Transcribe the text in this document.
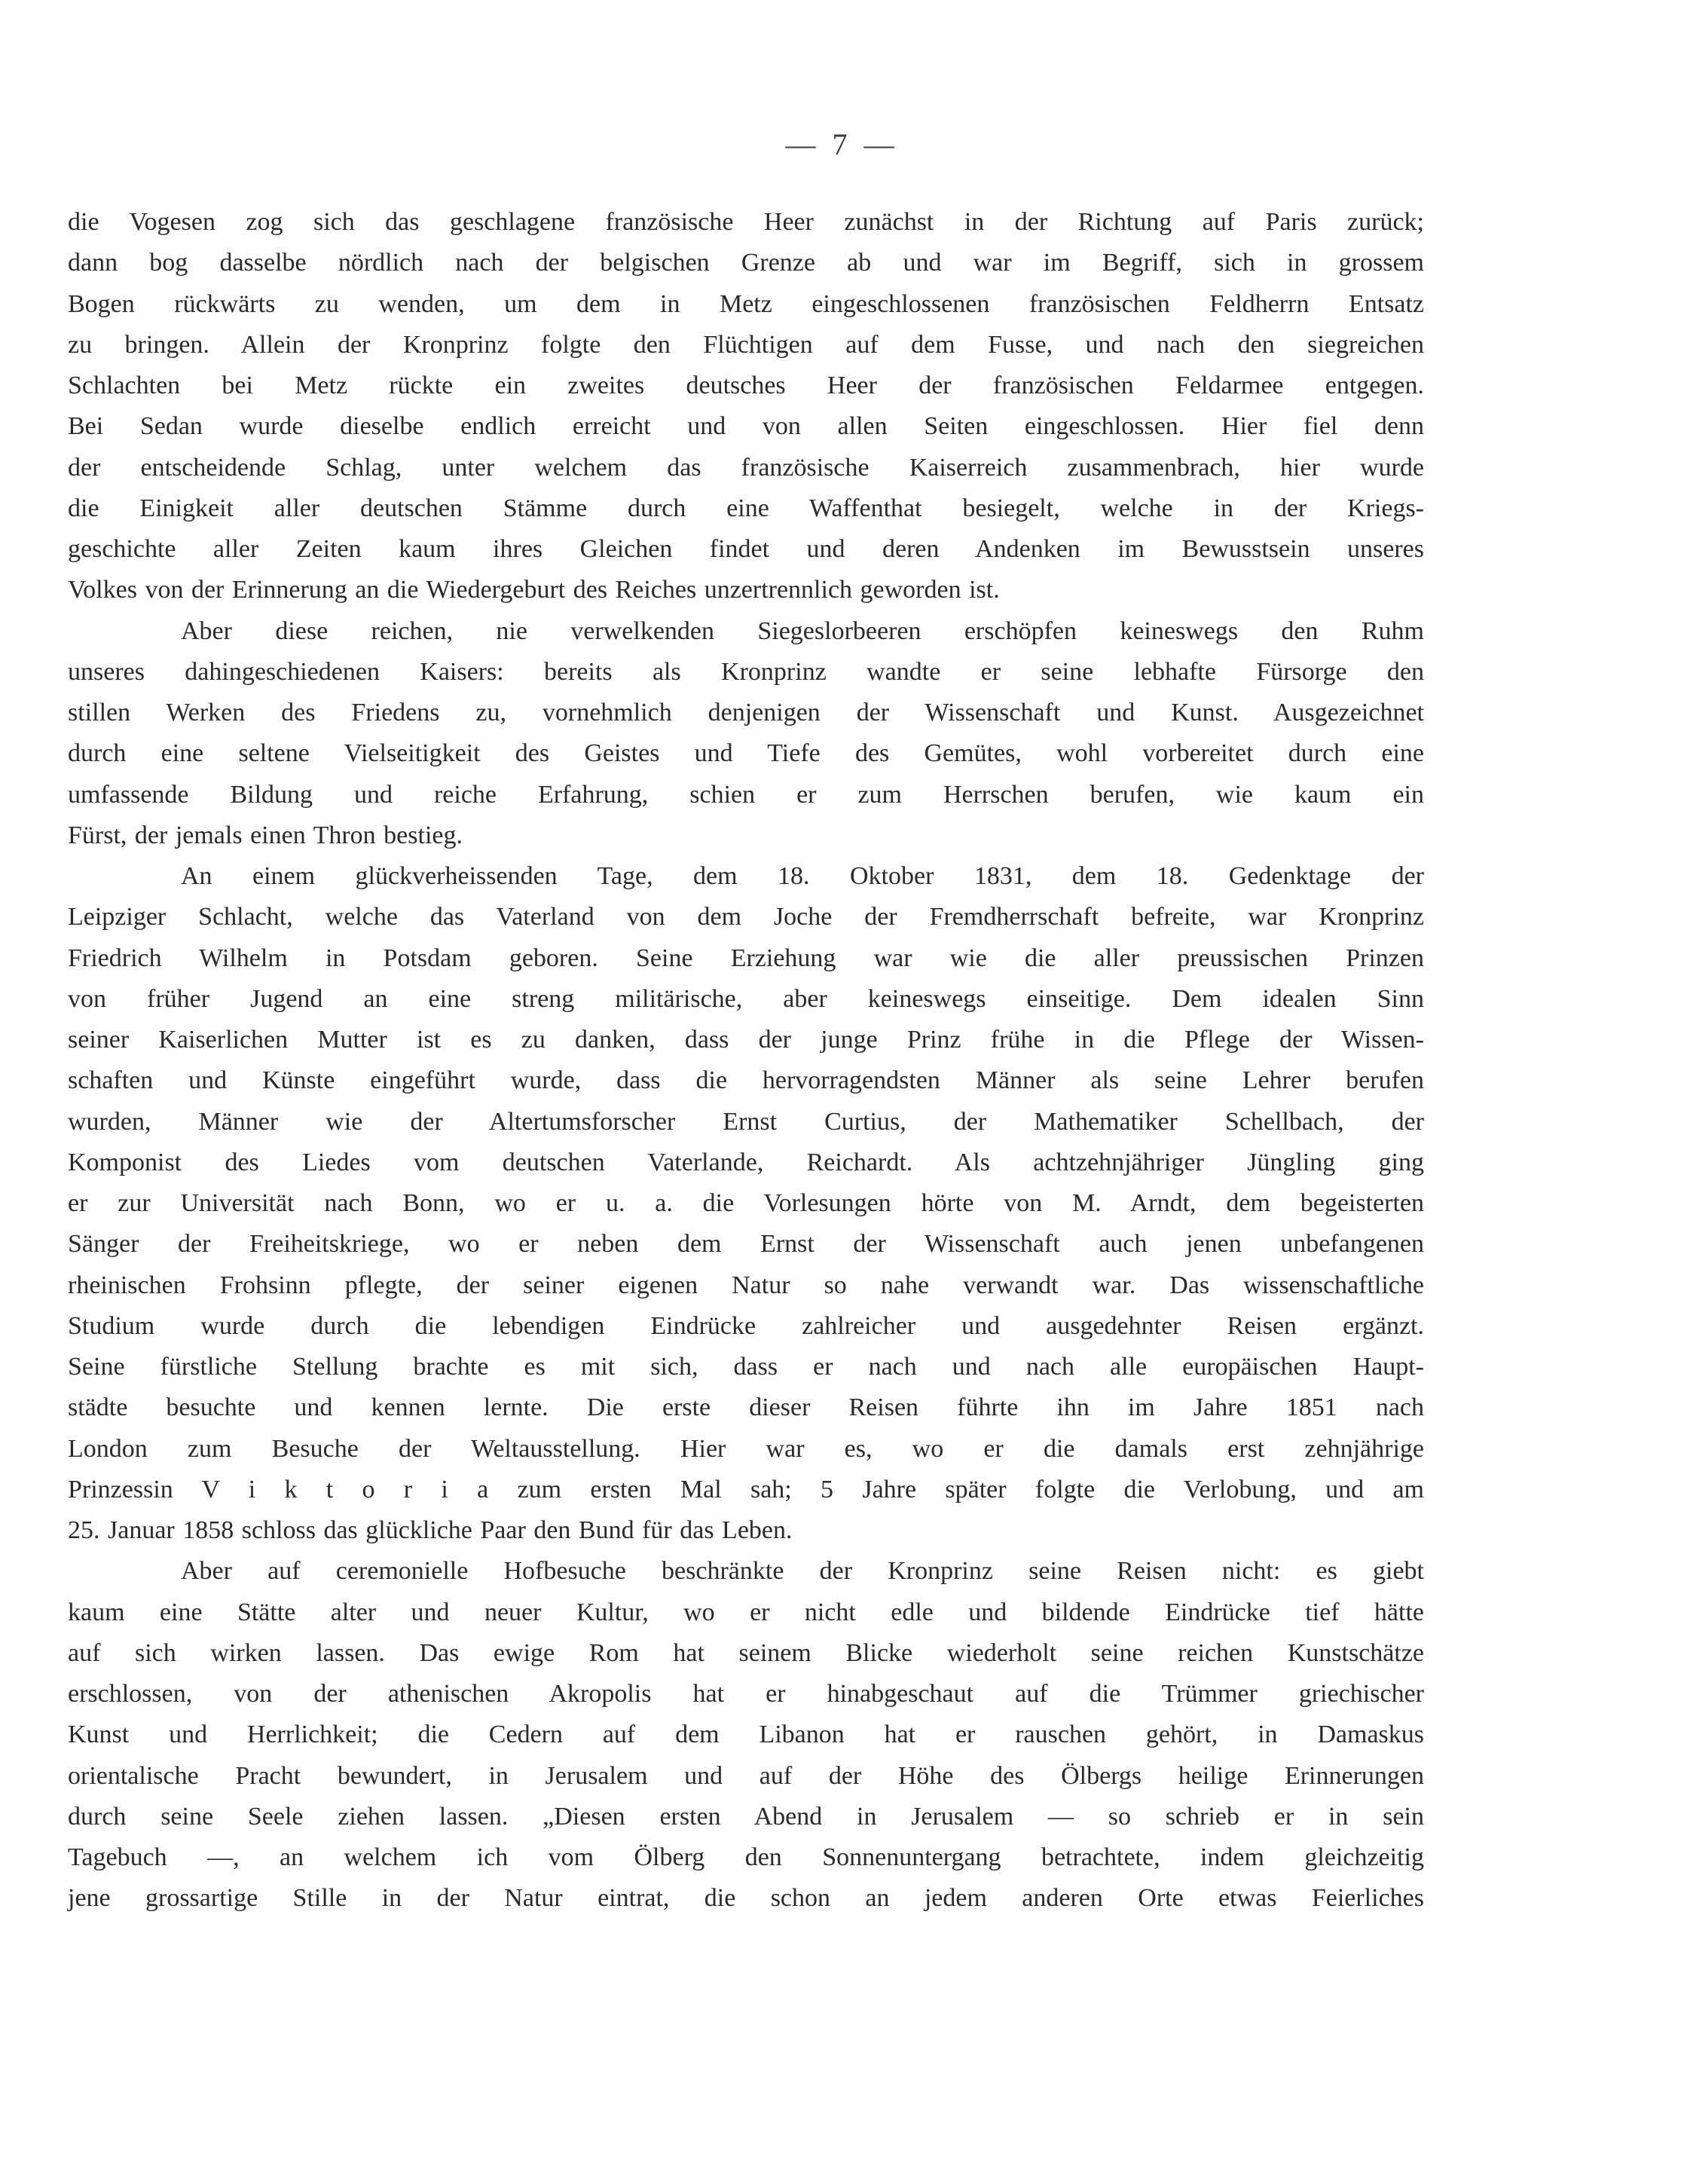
— 7 —
die Vogesen zog sich das geschlagene französische Heer zunächst in der Richtung auf Paris zurück;
dann bog dasselbe nördlich nach der belgischen Grenze ab und war im Begriff, sich in grossem
Bogen rückwärts zu wenden, um dem in Metz eingeschlossenen französischen Feldherrn Entsatz
zu bringen. Allein der Kronprinz folgte den Flüchtigen auf dem Fusse, und nach den siegreichen
Schlachten bei Metz rückte ein zweites deutsches Heer der französischen Feldarmee entgegen.
Bei Sedan wurde dieselbe endlich erreicht und von allen Seiten eingeschlossen. Hier fiel denn
der entscheidende Schlag, unter welchem das französische Kaiserreich zusammenbrach, hier wurde
die Einigkeit aller deutschen Stämme durch eine Waffenthat besiegelt, welche in der Kriegs-
geschichte aller Zeiten kaum ihres Gleichen findet und deren Andenken im Bewusstsein unseres
Volkes von der Erinnerung an die Wiedergeburt des Reiches unzertrennlich geworden ist.
Aber diese reichen, nie verwelkenden Siegeslorbeeren erschöpfen keineswegs den Ruhm
unseres dahingeschiedenen Kaisers: bereits als Kronprinz wandte er seine lebhafte Fürsorge den
stillen Werken des Friedens zu, vornehmlich denjenigen der Wissenschaft und Kunst. Ausgezeichnet
durch eine seltene Vielseitigkeit des Geistes und Tiefe des Gemütes, wohl vorbereitet durch eine
umfassende Bildung und reiche Erfahrung, schien er zum Herrschen berufen, wie kaum ein
Fürst, der jemals einen Thron bestieg.
An einem glückverheissenden Tage, dem 18. Oktober 1831, dem 18. Gedenktage der
Leipziger Schlacht, welche das Vaterland von dem Joche der Fremdherrschaft befreite, war Kronprinz
Friedrich Wilhelm in Potsdam geboren. Seine Erziehung war wie die aller preussischen Prinzen
von früher Jugend an eine streng militärische, aber keineswegs einseitige. Dem idealen Sinn
seiner Kaiserlichen Mutter ist es zu danken, dass der junge Prinz frühe in die Pflege der Wissen-
schaften und Künste eingeführt wurde, dass die hervorragendsten Männer als seine Lehrer berufen
wurden, Männer wie der Altertumsforscher Ernst Curtius, der Mathematiker Schellbach, der
Komponist des Liedes vom deutschen Vaterlande, Reichardt. Als achtzehnjähriger Jüngling ging
er zur Universität nach Bonn, wo er u. a. die Vorlesungen hörte von M. Arndt, dem begeisterten
Sänger der Freiheitskriege, wo er neben dem Ernst der Wissenschaft auch jenen unbefangenen
rheinischen Frohsinn pflegte, der seiner eigenen Natur so nahe verwandt war. Das wissenschaftliche
Studium wurde durch die lebendigen Eindrücke zahlreicher und ausgedehnter Reisen ergänzt.
Seine fürstliche Stellung brachte es mit sich, dass er nach und nach alle europäischen Haupt-
städte besuchte und kennen lernte. Die erste dieser Reisen führte ihn im Jahre 1851 nach
London zum Besuche der Weltausstellung. Hier war es, wo er die damals erst zehnjährige
Prinzessin V i k t o r i a zum ersten Mal sah; 5 Jahre später folgte die Verlobung, und am
25. Januar 1858 schloss das glückliche Paar den Bund für das Leben.
Aber auf ceremonielle Hofbesuche beschränkte der Kronprinz seine Reisen nicht: es giebt
kaum eine Stätte alter und neuer Kultur, wo er nicht edle und bildende Eindrücke tief hätte
auf sich wirken lassen. Das ewige Rom hat seinem Blicke wiederholt seine reichen Kunstschätze
erschlossen, von der athenischen Akropolis hat er hinabgeschaut auf die Trümmer griechischer
Kunst und Herrlichkeit; die Cedern auf dem Libanon hat er rauschen gehört, in Damaskus
orientalische Pracht bewundert, in Jerusalem und auf der Höhe des Ölbergs heilige Erinnerungen
durch seine Seele ziehen lassen. „Diesen ersten Abend in Jerusalem — so schrieb er in sein
Tagebuch —, an welchem ich vom Ölberg den Sonnenuntergang betrachtete, indem gleichzeitig
jene grossartige Stille in der Natur eintrat, die schon an jedem anderen Orte etwas Feierliches
